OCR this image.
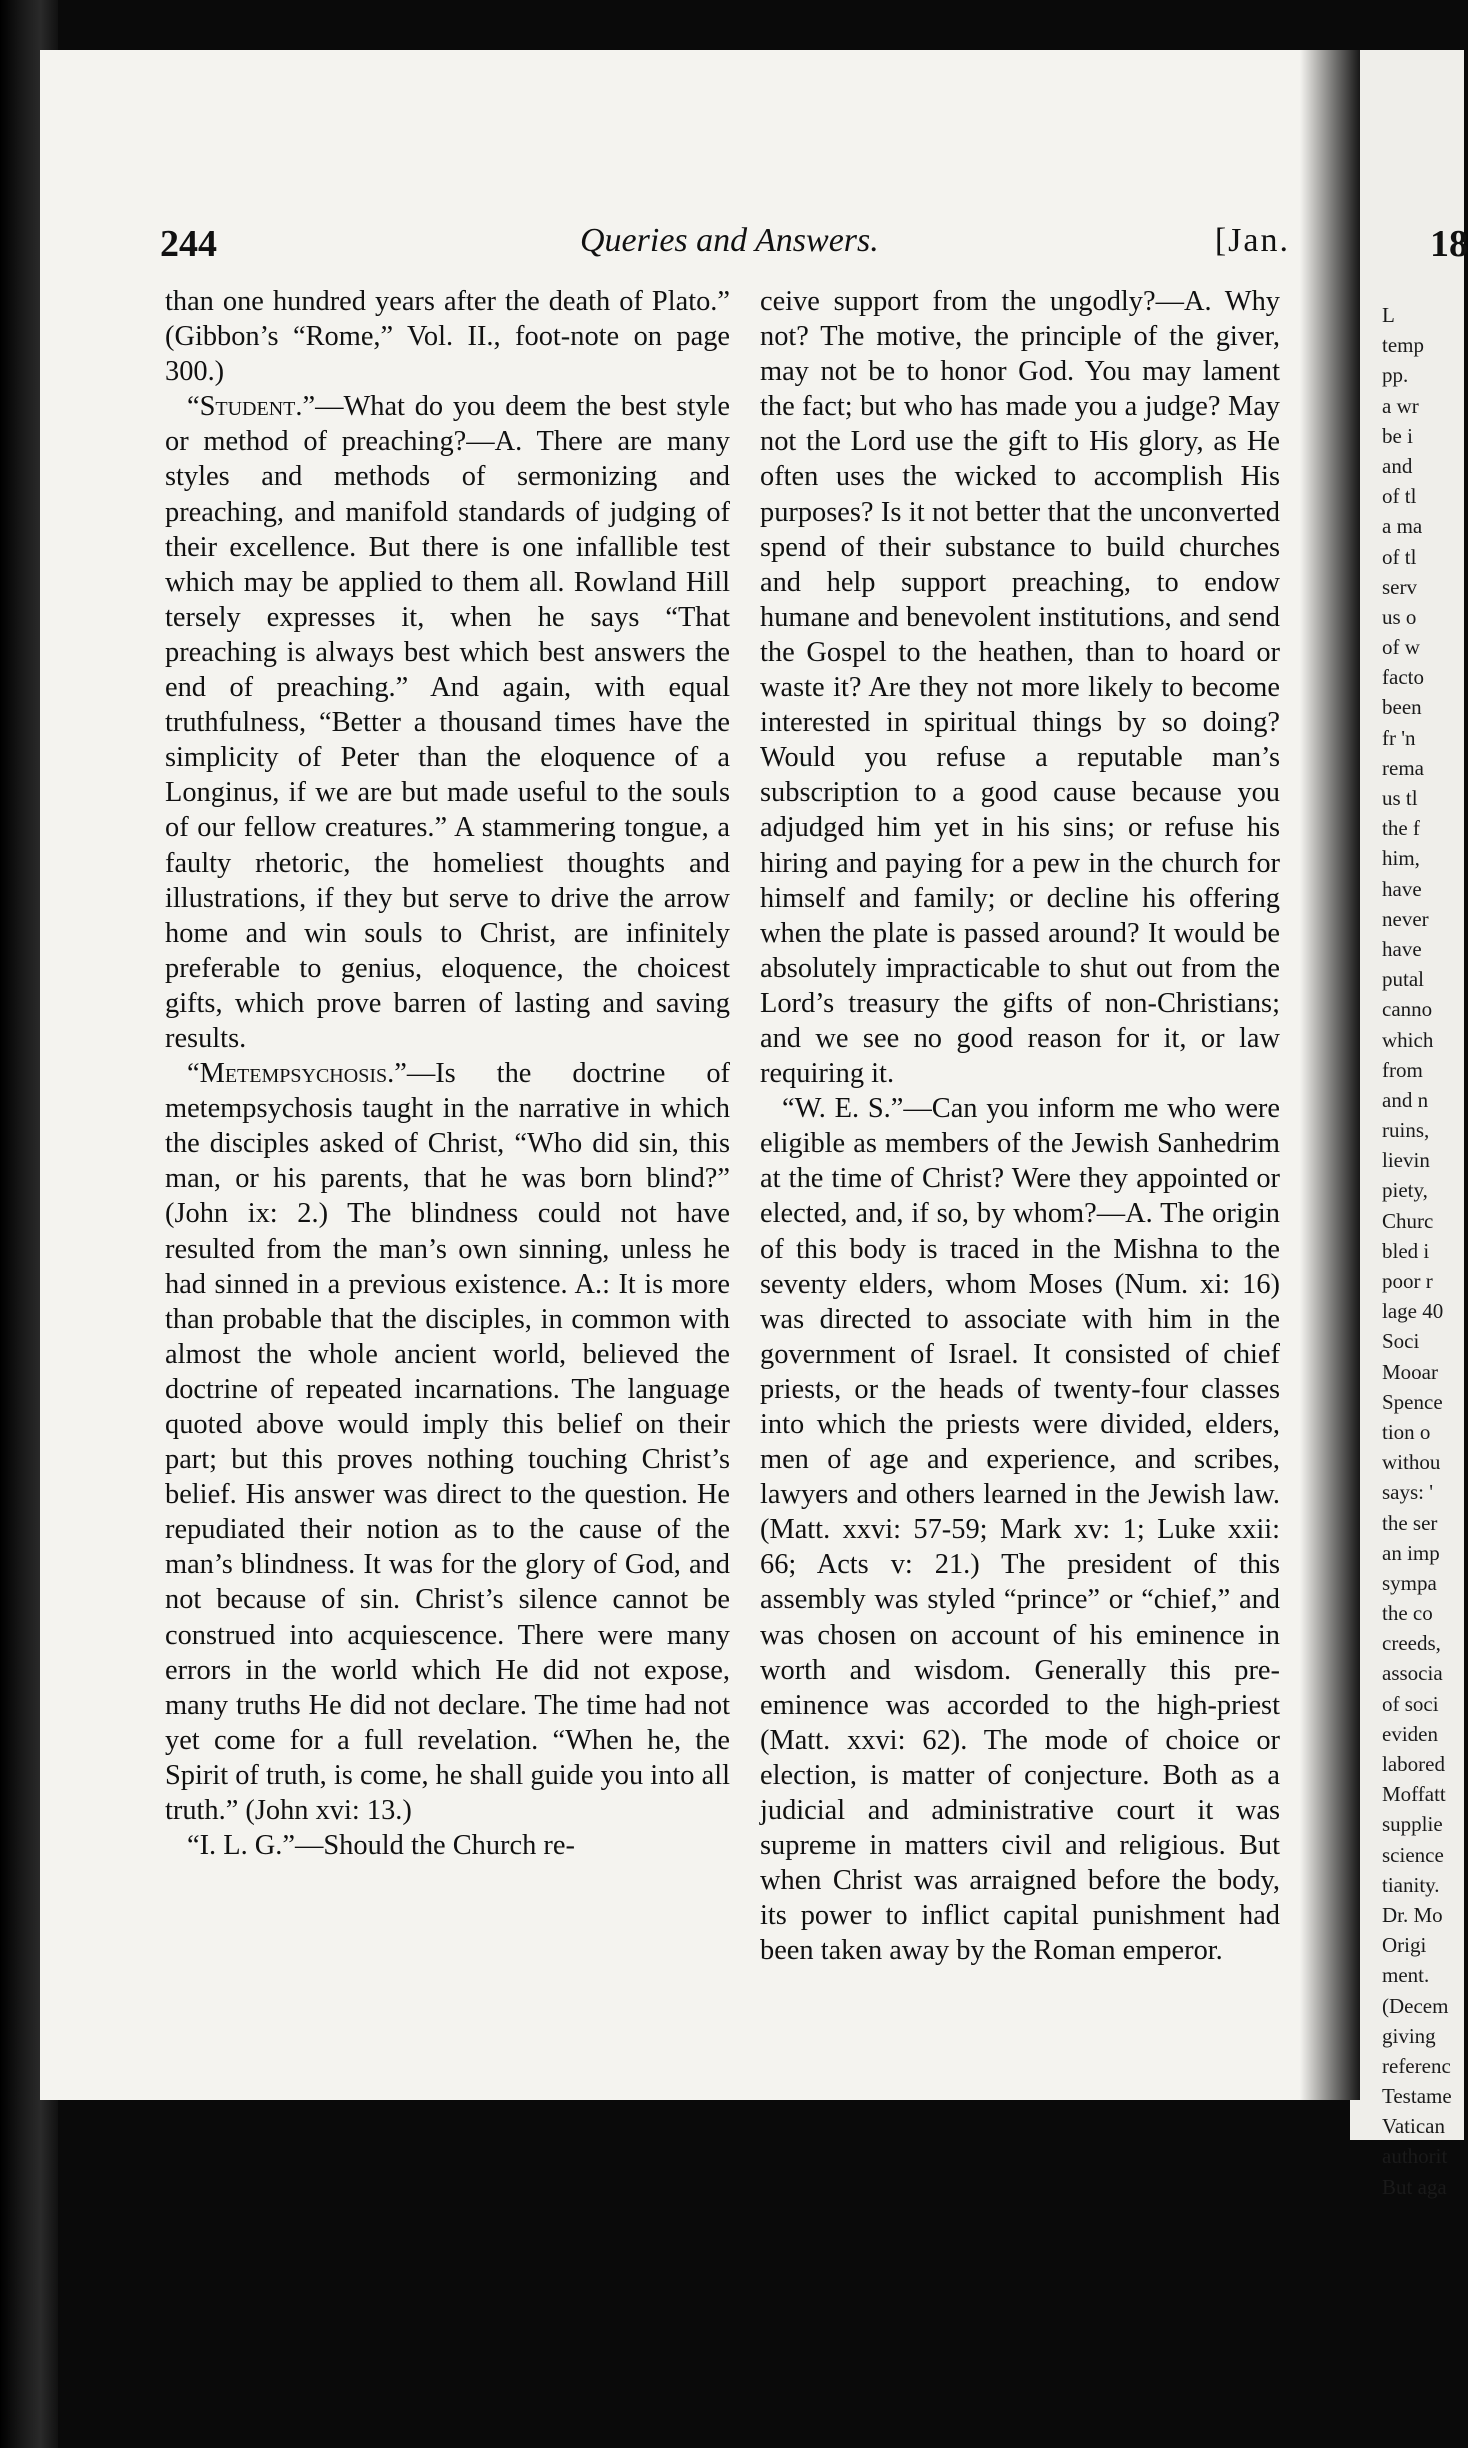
244	Queries and Answers.	[Jan.	18

than one hundred years after the death of Plato.” (Gibbon’s “Rome,” Vol. II., foot-note on page 300.)

“Student.”—What do you deem the best style or method of preaching?—A. There are many styles and methods of sermonizing and preaching, and manifold standards of judging of their excellence. But there is one infallible test which may be applied to them all. Rowland Hill tersely expresses it, when he says “That preaching is always best which best answers the end of preaching.” And again, with equal truthfulness, “Better a thousand times have the simplicity of Peter than the eloquence of a Longinus, if we are but made useful to the souls of our fellow creatures.” A stammering tongue, a faulty rhetoric, the homeliest thoughts and illustrations, if they but serve to drive the arrow home and win souls to Christ, are infinitely preferable to genius, eloquence, the choicest gifts, which prove barren of lasting and saving results.

“Metempsychosis.”—Is the doctrine of metempsychosis taught in the narrative in which the disciples asked of Christ, “Who did sin, this man, or his parents, that he was born blind?” (John ix: 2.) The blindness could not have resulted from the man’s own sinning, unless he had sinned in a previous existence. A.: It is more than probable that the disciples, in common with almost the whole ancient world, believed the doctrine of repeated incarnations. The language quoted above would imply this belief on their part; but this proves nothing touching Christ’s belief. His answer was direct to the question. He repudiated their notion as to the cause of the man’s blindness. It was for the glory of God, and not because of sin. Christ’s silence cannot be construed into acquiescence. There were many errors in the world which He did not expose, many truths He did not declare. The time had not yet come for a full revelation. “When he, the Spirit of truth, is come, he shall guide you into all truth.” (John xvi: 13.)

“I. L. G.”—Should the Church re-

ceive support from the ungodly?—A. Why not? The motive, the principle of the giver, may not be to honor God. You may lament the fact; but who has made you a judge? May not the Lord use the gift to His glory, as He often uses the wicked to accomplish His purposes? Is it not better that the unconverted spend of their substance to build churches and help support preaching, to endow humane and benevolent institutions, and send the Gospel to the heathen, than to hoard or waste it? Are they not more likely to become interested in spiritual things by so doing? Would you refuse a reputable man’s subscription to a good cause because you adjudged him yet in his sins; or refuse his hiring and paying for a pew in the church for himself and family; or decline his offering when the plate is passed around? It would be absolutely impracticable to shut out from the Lord’s treasury the gifts of non-Christians; and we see no good reason for it, or law requiring it.

“W. E. S.”—Can you inform me who were eligible as members of the Jewish Sanhedrim at the time of Christ? Were they appointed or elected, and, if so, by whom?—A. The origin of this body is traced in the Mishna to the seventy elders, whom Moses (Num. xi: 16) was directed to associate with him in the government of Israel. It consisted of chief priests, or the heads of twenty-four classes into which the priests were divided, elders, men of age and experience, and scribes, lawyers and others learned in the Jewish law. (Matt. xxvi: 57-59; Mark xv: 1; Luke xxii: 66; Acts v: 21.) The president of this assembly was styled “prince” or “chief,” and was chosen on account of his eminence in worth and wisdom. Generally this pre-eminence was accorded to the high-priest (Matt. xxvi: 62). The mode of choice or election, is matter of conjecture. Both as a judicial and administrative court it was supreme in matters civil and religious. But when Christ was arraigned before the body, its power to inflict capital punishment had been taken away by the Roman emperor.

L
temp
pp.
a wr
be i
and
of tl
a ma
of tl
serv
us o
of w
facto
been
fr 'n
rema
us tl
the f
him,
have
never
have
putal
canno
which
from
and n
ruins,
lievin
piety,
Churc
bled i
poor r
lage 40
Soci
Mooar
Spence
tion o
withou
says: '
the ser
an imp
sympa
the co
creeds,
associa
of soci
eviden
labored
Moffatt
supplie
science
tianity.
Dr. Mo
Origi
ment.
(Decem
giving
referenc
Testame
Vatican
authorit
But aga
